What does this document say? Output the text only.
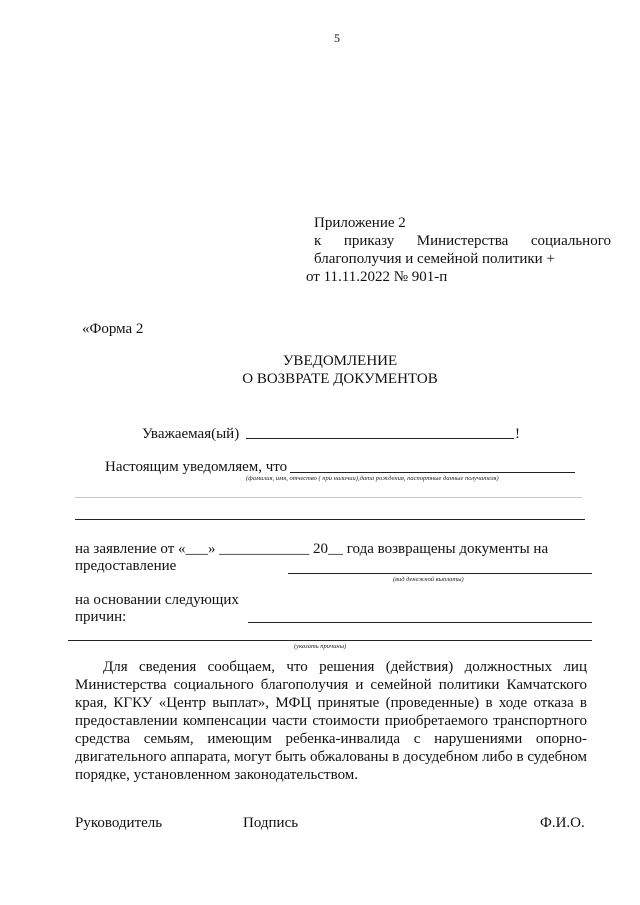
5
Приложение 2
к приказу Министерства социального
благополучия и семейной политики +
от 11.11.2022 № 901-п
«Форма 2
УВЕДОМЛЕНИЕ
О ВОЗВРАТЕ ДОКУМЕНТОВ
Уважаемая(ый)	!
Настоящим уведомляем, что
(фамилия, имя, отчество ( при наличии),дата рождения, паспортные данные получателя)
на заявление от «___» ____________ 20__ года возвращены документы на
предоставление
(вид денежной выплаты)
на основании следующих
причин:
(указать причины)
Для сведения сообщаем, что решения (действия) должностных лиц
Министерства социального благополучия и семейной политики Камчатского
края, КГКУ «Центр выплат», МФЦ принятые (проведенные) в ходе отказа в
предоставлении компенсации части стоимости приобретаемого транспортного
средства семьям, имеющим ребенка-инвалида с нарушениями опорно-
двигательного аппарата, могут быть обжалованы в досудебном либо в судебном
порядке, установленном законодательством.
Руководитель	Подпись	Ф.И.О.
